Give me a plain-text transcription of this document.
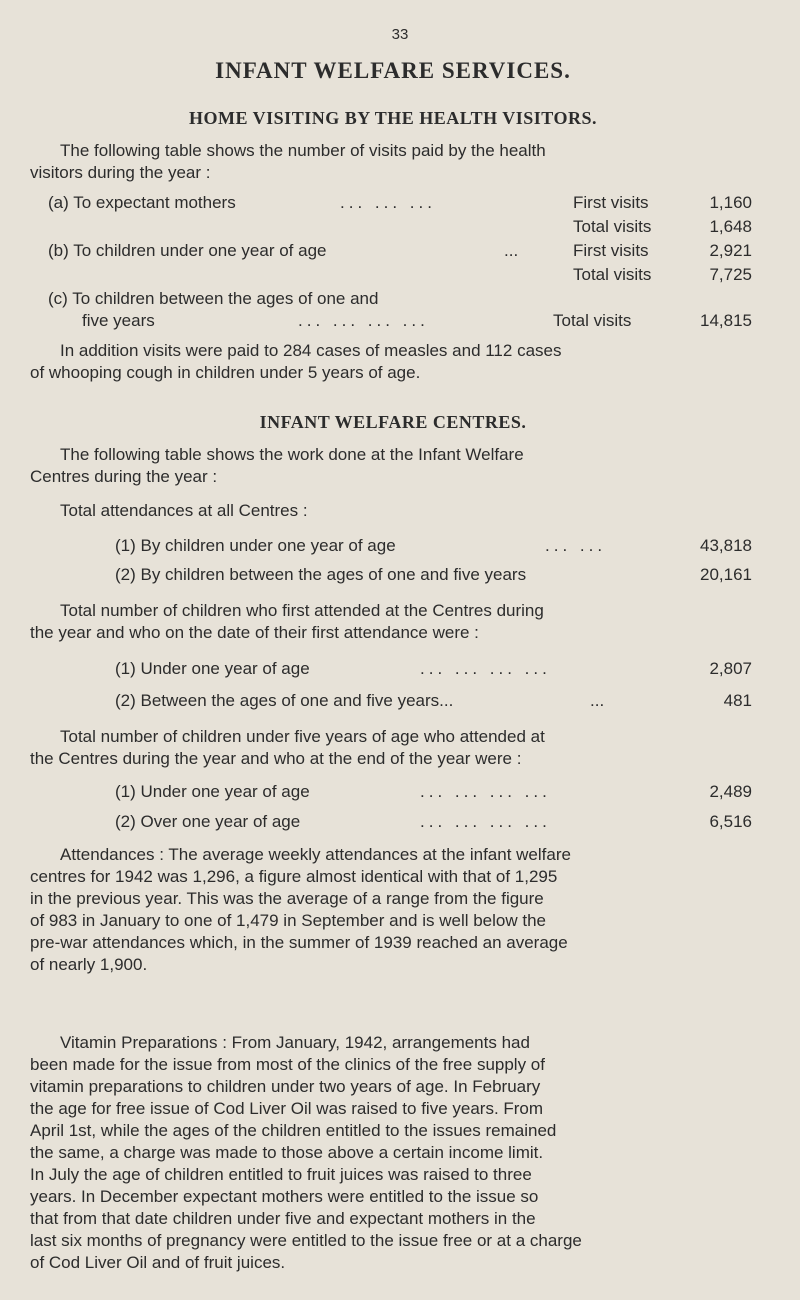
33
INFANT WELFARE SERVICES.
HOME VISITING BY THE HEALTH VISITORS.
The following table shows the number of visits paid by the health
visitors during the year :
(a) To expectant mothers	... ... ...	First visits	1,160
Total visits	1,648
(b) To children under one year of age	...	First visits	2,921
Total visits	7,725
(c) To children between the ages of one and
five years	... ... ... ...	Total visits	14,815
In addition visits were paid to 284 cases of measles and 112 cases
of whooping cough in children under 5 years of age.
INFANT WELFARE CENTRES.
The following table shows the work done at the Infant Welfare
Centres during the year :
Total attendances at all Centres :
(1) By children under one year of age	... ...	43,818
(2) By children between the ages of one and five years	20,161
Total number of children who first attended at the Centres during
the year and who on the date of their first attendance were :
(1) Under one year of age	... ... ... ...	2,807
(2) Between the ages of one and five years...	...	481
Total number of children under five years of age who attended at
the Centres during the year and who at the end of the year were :
(1) Under one year of age	... ... ... ...	2,489
(2) Over one year of age	... ... ... ...	6,516
Attendances : The average weekly attendances at the infant welfare
centres for 1942 was 1,296, a figure almost identical with that of 1,295
in the previous year. This was the average of a range from the figure
of 983 in January to one of 1,479 in September and is well below the
pre-war attendances which, in the summer of 1939 reached an average
of nearly 1,900.
Vitamin Preparations : From January, 1942, arrangements had
been made for the issue from most of the clinics of the free supply of
vitamin preparations to children under two years of age. In February
the age for free issue of Cod Liver Oil was raised to five years. From
April 1st, while the ages of the children entitled to the issues remained
the same, a charge was made to those above a certain income limit.
In July the age of children entitled to fruit juices was raised to three
years. In December expectant mothers were entitled to the issue so
that from that date children under five and expectant mothers in the
last six months of pregnancy were entitled to the issue free or at a charge
of Cod Liver Oil and of fruit juices.
